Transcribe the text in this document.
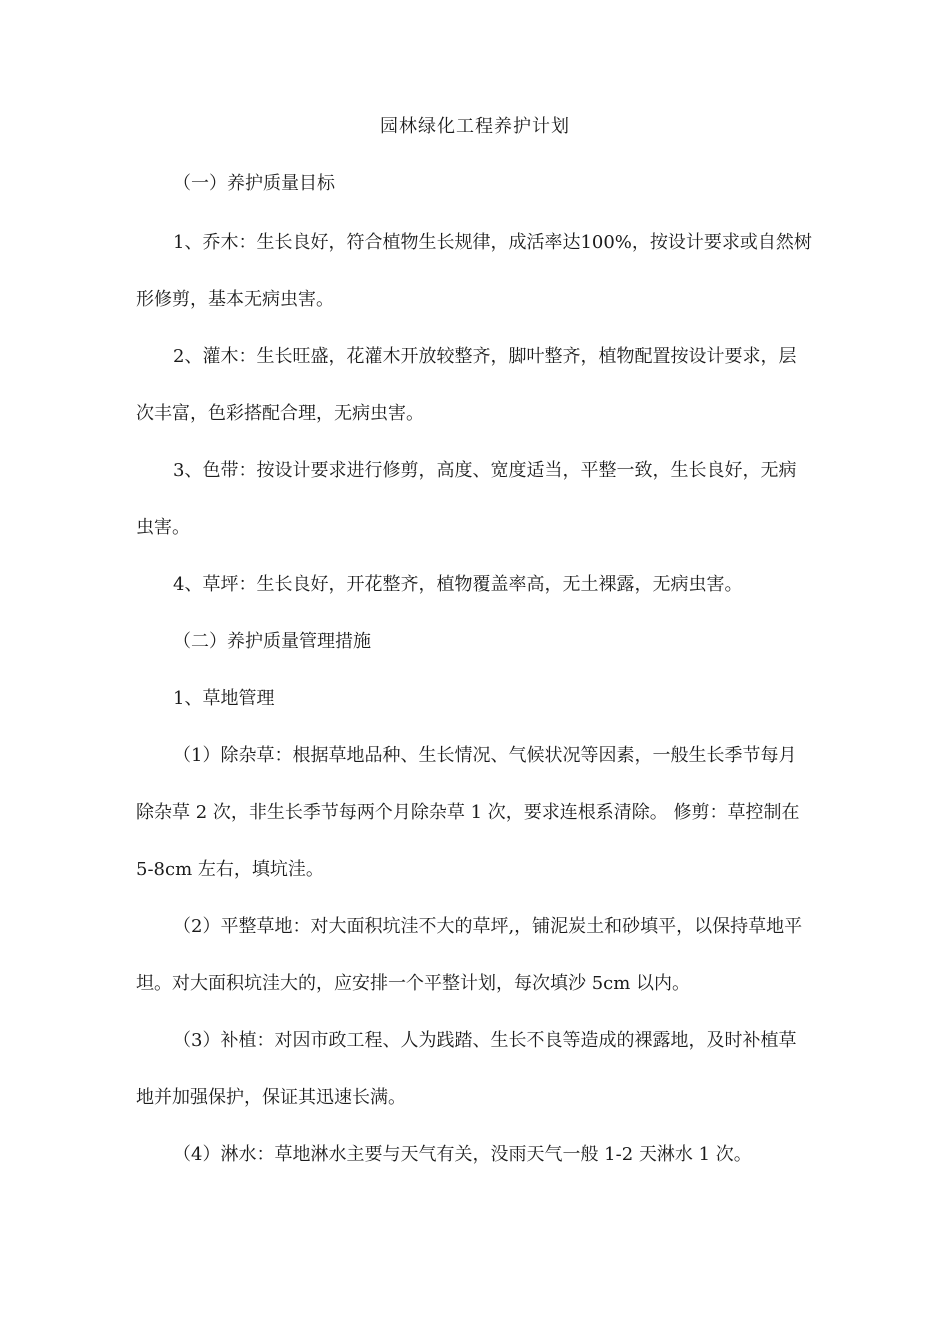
园林绿化工程养护计划
（一）养护质量目标
1、乔木：生长良好，符合植物生长规律，成活率达100%，按设计要求或自然树
形修剪，基本无病虫害。
2、灌木：生长旺盛，花灌木开放较整齐，脚叶整齐，植物配置按设计要求，层
次丰富，色彩搭配合理，无病虫害。
3、色带：按设计要求进行修剪，高度、宽度适当，平整一致，生长良好，无病
虫害。
4、草坪：生长良好，开花整齐，植物覆盖率高，无土裸露，无病虫害。
（二）养护质量管理措施
1、草地管理
（1）除杂草：根据草地品种、生长情况、气候状况等因素，一般生长季节每月
除杂草 2 次，非生长季节每两个月除杂草 1 次，要求连根系清除。 修剪：草控制在
5-8cm 左右，填坑洼。
（2）平整草地：对大面积坑洼不大的草坪,，铺泥炭土和砂填平，以保持草地平
坦。对大面积坑洼大的，应安排一个平整计划，每次填沙 5cm 以内。
（3）补植：对因市政工程、人为践踏、生长不良等造成的裸露地，及时补植草
地并加强保护，保证其迅速长满。
（4）淋水：草地淋水主要与天气有关，没雨天气一般 1-2 天淋水 1 次。
